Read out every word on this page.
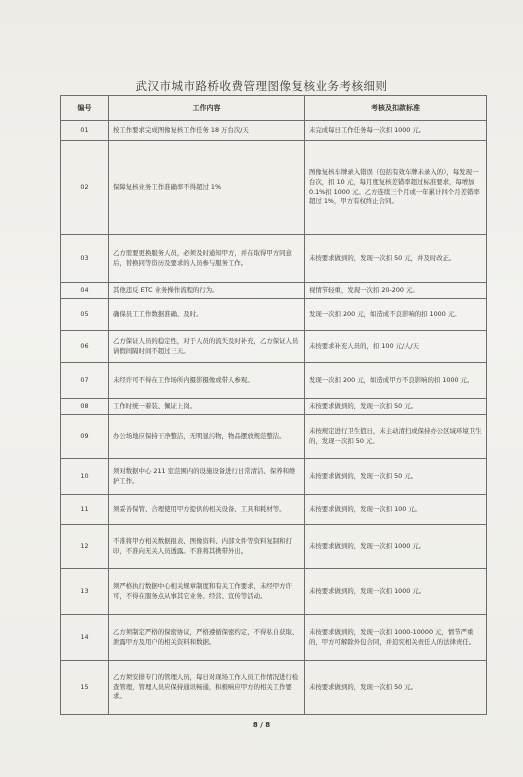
武汉市城市路桥收费管理图像复核业务考核细则
编号	工作内容	考核及扣款标准
01	按工作要求完成图像复核工作任务 18 万台次/天	未完成每日工作任务每一次扣 1000 元。
02	保障复核业务工作准确率不得超过 1%	图像复核车牌录入错误（包括有效车牌未录入的），每发现一台次，扣 10 元，每月度复核差错率超过标准要求，每增加 0.1%扣 1000 元。乙方连续三个月或一年累计四个月差错率超过 1%，甲方有权终止合同。
03	乙方需要更换服务人员，必须及时通知甲方，并在取得甲方同意后，替换同等资历及要求的人员参与服务工作。	未按要求做到的，发现一次扣 50 元，并及时改正。
04	其他违反 ETC 业务操作流程的行为。	视情节轻重，发现一次扣 20-200 元。
05	确保员工工作数据准确、及时。	发现一次扣 200 元，如造成不良影响的扣 1000 元。
06	乙方保证人员的稳定性，对于人员的流失及时补充，乙方保证人员请假间隔时间不超过三天。	未按要求补充人员的，扣 100 元/人/天
07	未经许可不得在工作场所内摄影摄像或带人参观。	发现一次扣 200 元，如造成甲方不良影响的扣 1000 元。
08	工作时统一着装、佩证上岗。	未按要求做到的，发现一次扣 50 元。
09	办公场地应保持干净整洁，无明显污物，物品摆放规范整洁。	未按规定进行卫生值日，未主动清扫或保持办公区域环境卫生的，发现一次扣 50 元。
10	须对数据中心 211 室范围内的设施设备进行日常清洁、保养和维护工作。	未按要求做到的，发现一次扣 50 元。
11	须妥善保管、合理使用甲方提供的相关设备、工具和耗材等。	未按要求做到的，发现一次扣 100 元。
12	不准将甲方相关数据报表、图像资料、内部文件等资料复制和打印，不准向无关人员透露。不准将其携带外出。	未按要求做到的，发现一次扣 1000 元。
13	须严格执行数据中心相关规章制度和有关工作要求，未经甲方许可，不得在服务点从事其它业务、经营、宣传等活动。	未按要求做到的，发现一次扣 1000 元。
14	乙方须制定严格的保密协议，严格遵循保密约定，不得私自获取、泄露甲方及用户的相关资料和数据。	未按要求做到的，发现一次扣 1000-10000 元，情节严重的，甲方可解除外包合同，并追究相关责任人的法律责任。
15	乙方须安排专门的管理人员，每日对现场工作人员工作情况进行检查管理，管理人员应保持通讯畅通，积极响应甲方的相关工作要求。	未按要求做到的，发现一次扣 50 元。
8 / 8
